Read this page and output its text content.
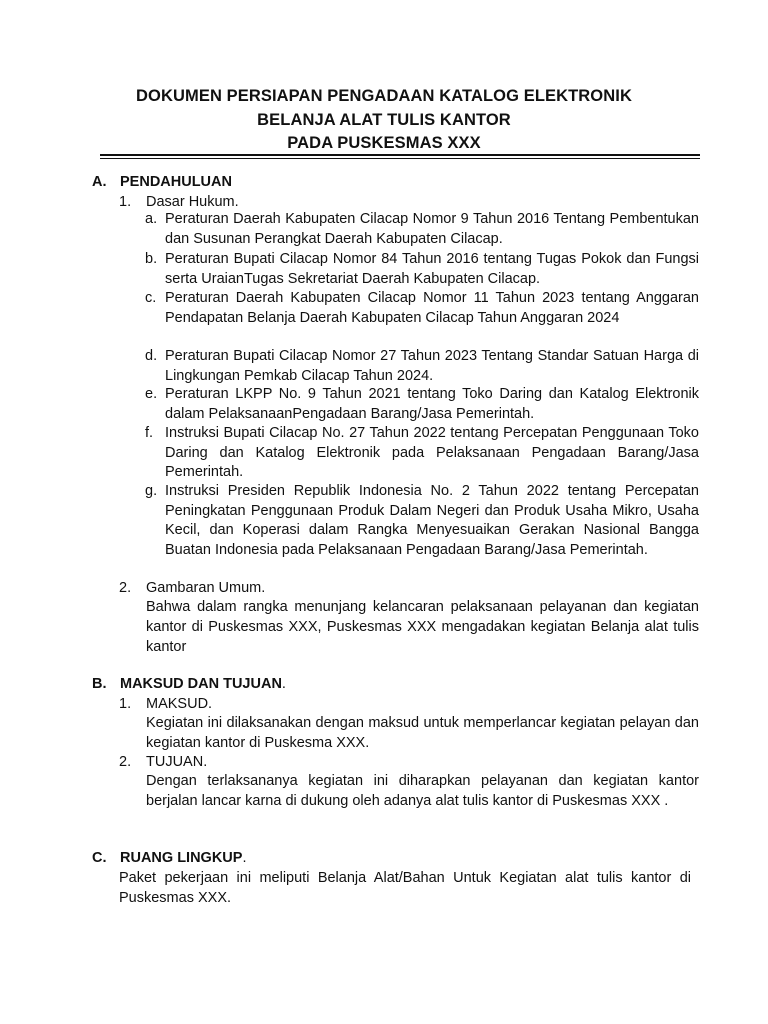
DOKUMEN PERSIAPAN PENGADAAN KATALOG ELEKTRONIK
BELANJA ALAT TULIS KANTOR
PADA PUSKESMAS XXX
A. PENDAHULUAN
1. Dasar Hukum.
a. Peraturan Daerah Kabupaten Cilacap Nomor 9 Tahun 2016 Tentang Pembentukan dan Susunan Perangkat Daerah Kabupaten Cilacap.
b. Peraturan Bupati Cilacap Nomor 84 Tahun 2016 tentang Tugas Pokok dan Fungsi serta UraianTugas Sekretariat Daerah Kabupaten Cilacap.
c. Peraturan Daerah Kabupaten Cilacap Nomor 11 Tahun 2023 tentang Anggaran Pendapatan Belanja Daerah Kabupaten Cilacap Tahun Anggaran 2024
d. Peraturan Bupati Cilacap Nomor 27 Tahun 2023 Tentang Standar Satuan Harga di Lingkungan Pemkab Cilacap Tahun 2024.
e. Peraturan LKPP No. 9 Tahun 2021 tentang Toko Daring dan Katalog Elektronik dalam PelaksanaanPengadaan Barang/Jasa Pemerintah.
f. Instruksi Bupati Cilacap No. 27 Tahun 2022 tentang Percepatan Penggunaan Toko Daring dan Katalog Elektronik pada Pelaksanaan Pengadaan Barang/Jasa Pemerintah.
g. Instruksi Presiden Republik Indonesia No. 2 Tahun 2022 tentang Percepatan Peningkatan Penggunaan Produk Dalam Negeri dan Produk Usaha Mikro, Usaha Kecil, dan Koperasi dalam Rangka Menyesuaikan Gerakan Nasional Bangga Buatan Indonesia pada Pelaksanaan Pengadaan Barang/Jasa Pemerintah.
2. Gambaran Umum.
Bahwa dalam rangka menunjang kelancaran pelaksanaan pelayanan dan kegiatan kantor di Puskesmas XXX, Puskesmas XXX mengadakan kegiatan Belanja alat tulis kantor
B. MAKSUD DAN TUJUAN.
1. MAKSUD.
Kegiatan ini dilaksanakan dengan maksud untuk memperlancar kegiatan pelayan dan kegiatan kantor di Puskesma XXX.
2. TUJUAN.
Dengan terlaksananya kegiatan ini diharapkan pelayanan dan kegiatan kantor berjalan lancar karna di dukung oleh adanya alat tulis kantor di Puskesmas XXX .
C. RUANG LINGKUP.
Paket pekerjaan ini meliputi Belanja Alat/Bahan Untuk Kegiatan alat tulis kantor di Puskesmas XXX.
